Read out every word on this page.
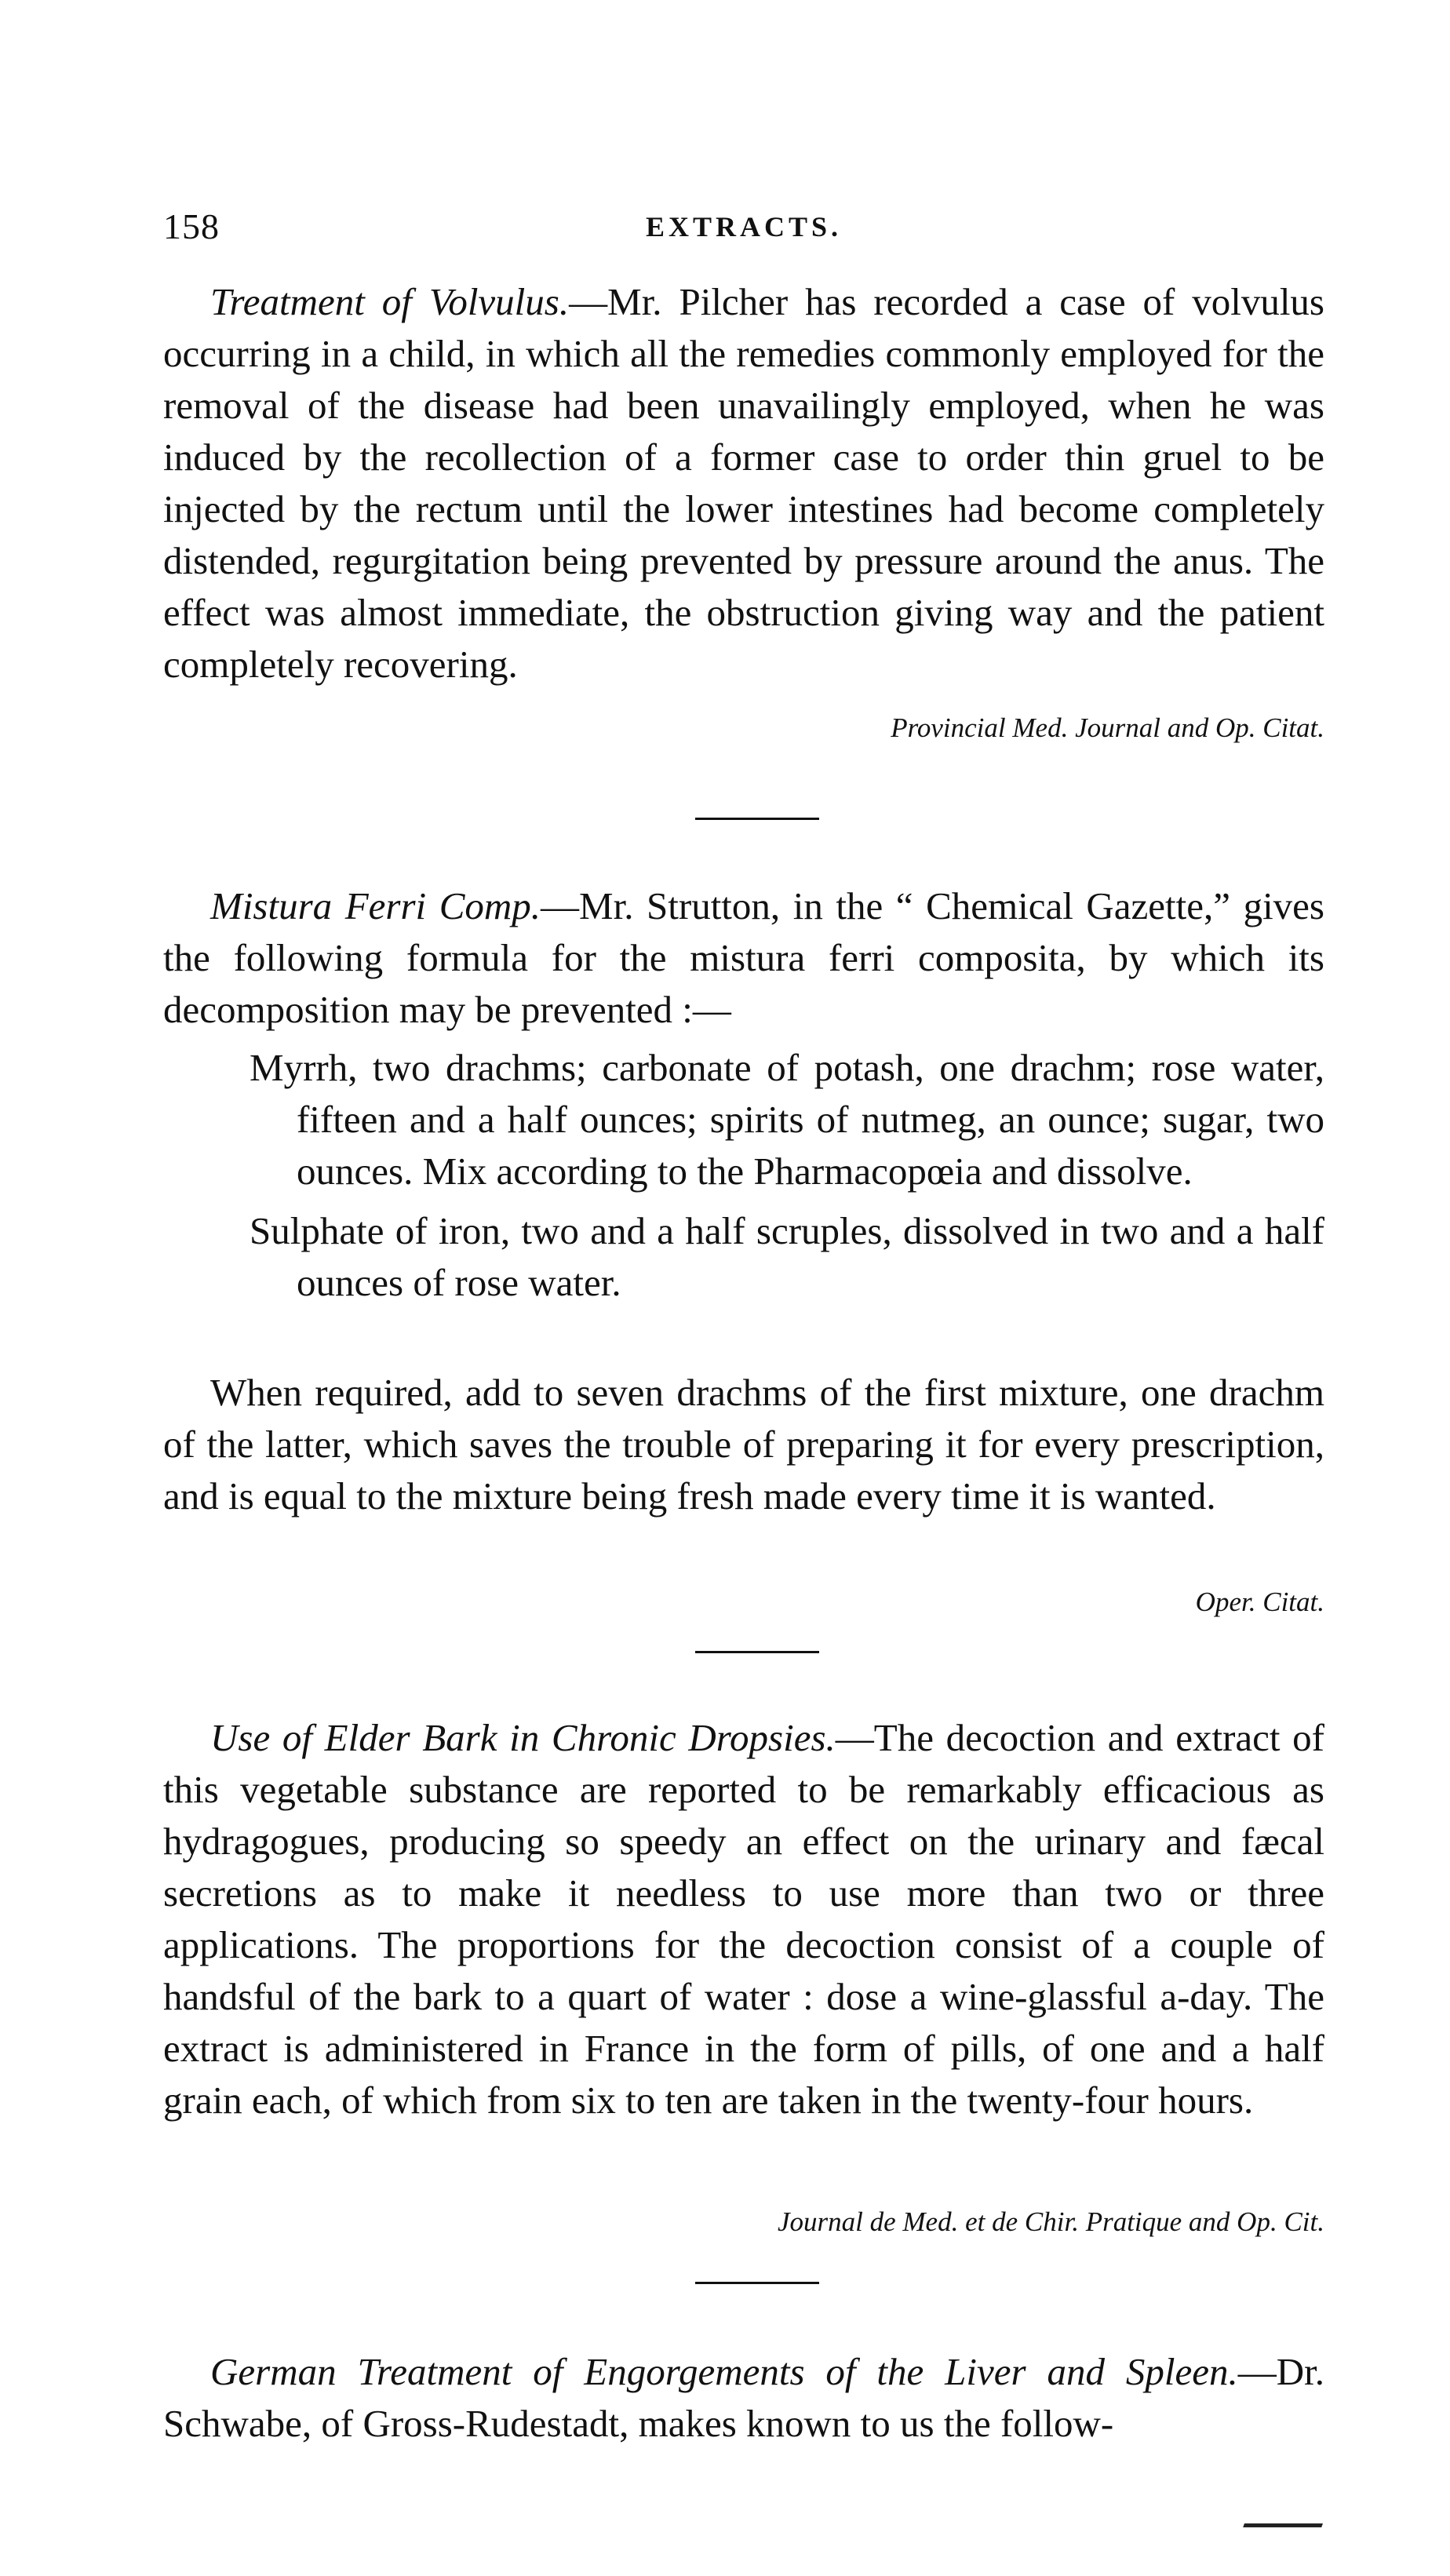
158	EXTRACTS.

Treatment of Volvulus.—Mr. Pilcher has recorded a case of volvulus occurring in a child, in which all the remedies commonly employed for the removal of the disease had been unavailingly employed, when he was induced by the recollection of a former case to order thin gruel to be injected by the rectum until the lower intestines had become completely distended, regurgitation being prevented by pressure around the anus. The effect was almost immediate, the obstruction giving way and the patient completely recovering.

Provincial Med. Journal and Op. Citat.

Mistura Ferri Comp.—Mr. Strutton, in the “ Chemical Gazette,” gives the following formula for the mistura ferri composita, by which its decomposition may be prevented :—

Myrrh, two drachms; carbonate of potash, one drachm; rose water, fifteen and a half ounces; spirits of nutmeg, an ounce; sugar, two ounces. Mix according to the Pharmacopœia and dissolve.

Sulphate of iron, two and a half scruples, dissolved in two and a half ounces of rose water.

When required, add to seven drachms of the first mixture, one drachm of the latter, which saves the trouble of preparing it for every prescription, and is equal to the mixture being fresh made every time it is wanted.

Oper. Citat.

Use of Elder Bark in Chronic Dropsies.—The decoction and extract of this vegetable substance are reported to be remarkably efficacious as hydragogues, producing so speedy an effect on the urinary and fæcal secretions as to make it needless to use more than two or three applications. The proportions for the decoction consist of a couple of handsful of the bark to a quart of water : dose a wine-glassful a-day. The extract is administered in France in the form of pills, of one and a half grain each, of which from six to ten are taken in the twenty-four hours.

Journal de Med. et de Chir. Pratique and Op. Cit.

German Treatment of Engorgements of the Liver and Spleen.—Dr. Schwabe, of Gross-Rudestadt, makes known to us the follow-
